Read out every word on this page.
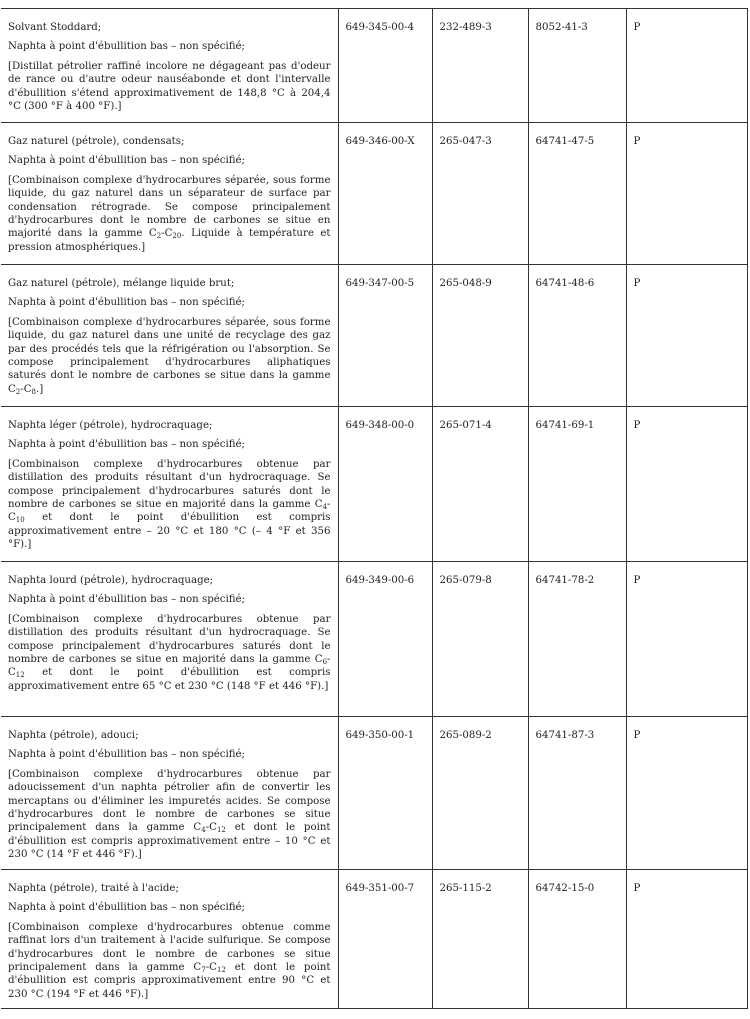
Solvant Stoddard;

Naphta à point d'ébullition bas – non spécifié;

[Distillat pétrolier raffiné incolore ne dégageant pas d'odeur de rance ou d'autre odeur nauséabonde et dont l'intervalle d'ébullition s'étend approximativement de 148,8 °C à 204,4 °C (300 °F à 400 °F).]	649-345-00-4	232-489-3	8052-41-3	P

Gaz naturel (pétrole), condensats;

Naphta à point d'ébullition bas – non spécifié;

[Combinaison complexe d'hydrocarbures séparée, sous forme liquide, du gaz naturel dans un séparateur de surface par condensation rétrograde. Se compose principalement d'hydrocarbures dont le nombre de carbones se situe en majorité dans la gamme $C_2-C_{20}$. Liquide à température et pression atmosphériques.]	649-346-00-X	265-047-3	64741-47-5	P

Gaz naturel (pétrole), mélange liquide brut;

Naphta à point d'ébullition bas – non spécifié;

[Combinaison complexe d'hydrocarbures séparée, sous forme liquide, du gaz naturel dans une unité de recyclage des gaz par des procédés tels que la réfrigération ou l'absorption. Se compose principalement d'hydrocarbures aliphatiques saturés dont le nombre de carbones se situe dans la gamme $C_2-C_8$.]	649-347-00-5	265-048-9	64741-48-6	P

Naphta léger (pétrole), hydrocraquage;

Naphta à point d'ébullition bas – non spécifié;

[Combinaison complexe d'hydrocarbures obtenue par distillation des produits résultant d'un hydrocraquage. Se compose principalement d'hydrocarbures saturés dont le nombre de carbones se situe en majorité dans la gamme $C_4-C_{10}$ et dont le point d'ébullition est compris approximativement entre – 20 °C et 180 °C (– 4 °F et 356 °F).]	649-348-00-0	265-071-4	64741-69-1	P

Naphta lourd (pétrole), hydrocraquage;

Naphta à point d'ébullition bas – non spécifié;

[Combinaison complexe d'hydrocarbures obtenue par distillation des produits résultant d'un hydrocraquage. Se compose principalement d'hydrocarbures saturés dont le nombre de carbones se situe en majorité dans la gamme $C_6-C_{12}$ et dont le point d'ébullition est compris approximativement entre 65 °C et 230 °C (148 °F et 446 °F).]	649-349-00-6	265-079-8	64741-78-2	P

Naphta (pétrole), adouci;

Naphta à point d'ébullition bas – non spécifié;

[Combinaison complexe d'hydrocarbures obtenue par adoucissement d'un naphta pétrolier afin de convertir les mercaptans ou d'éliminer les impuretés acides. Se compose d'hydrocarbures dont le nombre de carbones se situe principalement dans la gamme $C_4-C_{12}$ et dont le point d'ébullition est compris approximativement entre – 10 °C et 230 °C (14 °F et 446 °F).]	649-350-00-1	265-089-2	64741-87-3	P

Naphta (pétrole), traité à l'acide;

Naphta à point d'ébullition bas – non spécifié;

[Combinaison complexe d'hydrocarbures obtenue comme raffinat lors d'un traitement à l'acide sulfurique. Se compose d'hydrocarbures dont le nombre de carbones se situe principalement dans la gamme $C_7-C_{12}$ et dont le point d'ébullition est compris approximativement entre 90 °C et 230 °C (194 °F et 446 °F).]	649-351-00-7	265-115-2	64742-15-0	P
